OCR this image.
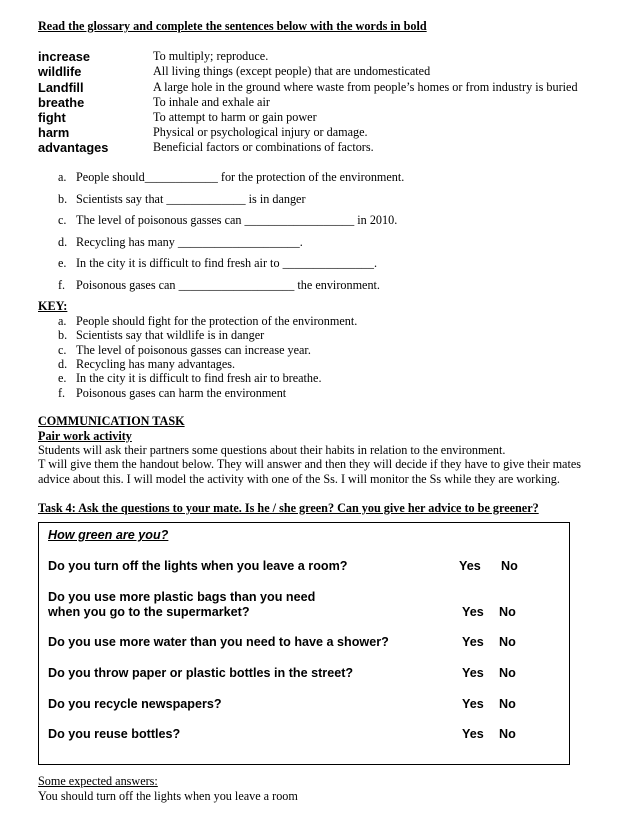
Read the glossary and complete the sentences below with the words in bold
increase	To multiply; reproduce.
wildlife	All living things (except people) that are undomesticated
Landfill	A large hole in the ground where waste from people’s homes or from industry is buried
breathe	To inhale and exhale air
fight	To attempt to harm or gain power
harm	Physical or psychological injury or damage.
advantages	Beneficial factors or combinations of factors.
a. People should____________ for the protection of the environment.
b. Scientists say that _____________ is in danger
c. The level of poisonous gasses can __________________ in 2010.
d. Recycling has many ____________________.
e. In the city it is difficult to find fresh air to _______________.
f. Poisonous gases can ___________________ the environment.
KEY:
a. People should fight for the protection of the environment.
b. Scientists say that wildlife is in danger
c. The level of poisonous gasses can increase year.
d. Recycling has many advantages.
e. In the city it is difficult to find fresh air to breathe.
f. Poisonous gases can harm the environment
COMMUNICATION TASK
Pair work activity
Students will ask their partners some questions about their habits in relation to the environment.
T will give them the handout below. They will answer and then they will decide if they have to give their mates
advice about this. I will model the activity with one of the Ss. I will monitor the Ss while they are working.
Task 4: Ask the questions to your mate. Is he / she green? Can you give her advice to be greener?
How green are you?
Do you turn off the lights when you leave a room?	Yes No
Do you use more plastic bags than you need
when you go to the supermarket?	Yes No
Do you use more water than you need to have a shower?	Yes No
Do you throw paper or plastic bottles in the street?	Yes No
Do you recycle newspapers?	Yes No
Do you reuse bottles?	Yes No
Some expected answers:
You should turn off the lights when you leave a room
